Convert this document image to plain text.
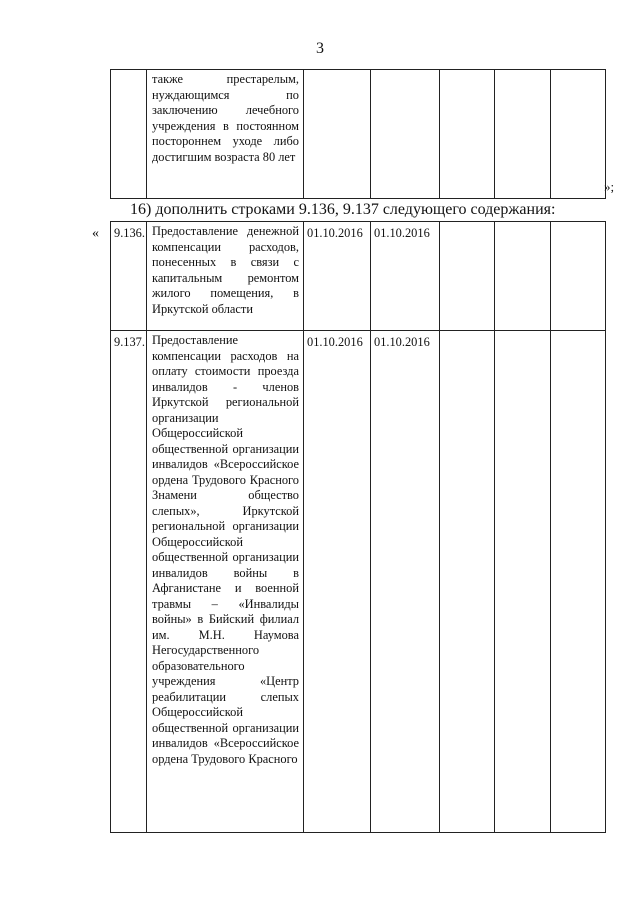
3
	также престарелым, нуждающимся по заключению лечебного учреждения в постоянном постороннем уходе либо достигшим возраста 80 лет					
»;
16) дополнить строками 9.136, 9.137 следующего содержания:
« 9.136.	Предоставление денежной компенсации расходов, понесенных в связи с капитальным ремонтом жилого помещения, в Иркутской области	01.10.2016	01.10.2016			
9.137.	Предоставление компенсации расходов на оплату стоимости проезда инвалидов - членов Иркутской региональной организации Общероссийской общественной организации инвалидов «Всероссийское ордена Трудового Красного Знамени общество слепых», Иркутской региональной организации Общероссийской общественной организации инвалидов войны в Афганистане и военной травмы – «Инвалиды войны» в Бийский филиал им. М.Н. Наумова Негосударственного образовательного учреждения «Центр реабилитации слепых Общероссийской общественной организации инвалидов «Всероссийское ордена Трудового Красного	01.10.2016	01.10.2016			
